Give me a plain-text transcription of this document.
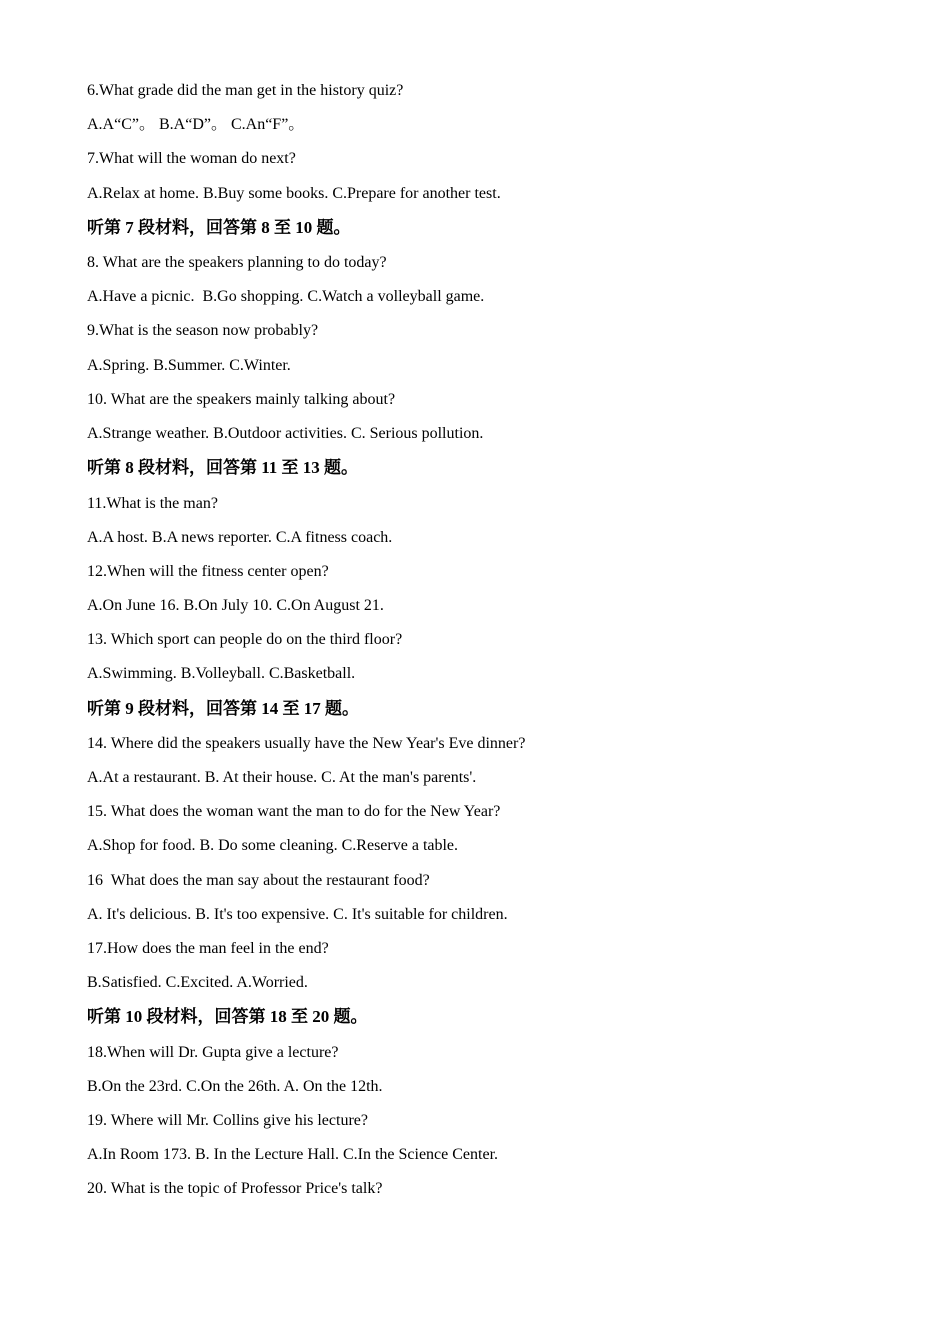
6.What grade did the man get in the history quiz?
A.A“C”。 B.A“D”。 C.An“F”。
7.What will the woman do next?
A.Relax at home. B.Buy some books. C.Prepare for another test.
听第 7 段材料，回答第 8 至 10 题。
8. What are the speakers planning to do today?
A.Have a picnic.  B.Go shopping. C.Watch a volleyball game.
9.What is the season now probably?
A.Spring. B.Summer. C.Winter.
10. What are the speakers mainly talking about?
A.Strange weather. B.Outdoor activities. C. Serious pollution.
听第 8 段材料，回答第 11 至 13 题。
11.What is the man?
A.A host. B.A news reporter. C.A fitness coach.
12.When will the fitness center open?
A.On June 16. B.On July 10. C.On August 21.
13. Which sport can people do on the third floor?
A.Swimming. B.Volleyball. C.Basketball.
听第 9 段材料，回答第 14 至 17 题。
14. Where did the speakers usually have the New Year's Eve dinner?
A.At a restaurant. B. At their house. C. At the man's parents'.
15. What does the woman want the man to do for the New Year?
A.Shop for food. B. Do some cleaning. C.Reserve a table.
16  What does the man say about the restaurant food?
A. It's delicious. B. It's too expensive. C. It's suitable for children.
17.How does the man feel in the end?
B.Satisfied. C.Excited. A.Worried.
听第 10 段材料，回答第 18 至 20 题。
18.When will Dr. Gupta give a lecture?
B.On the 23rd. C.On the 26th. A. On the 12th.
19. Where will Mr. Collins give his lecture?
A.In Room 173. B. In the Lecture Hall. C.In the Science Center.
20. What is the topic of Professor Price's talk?
